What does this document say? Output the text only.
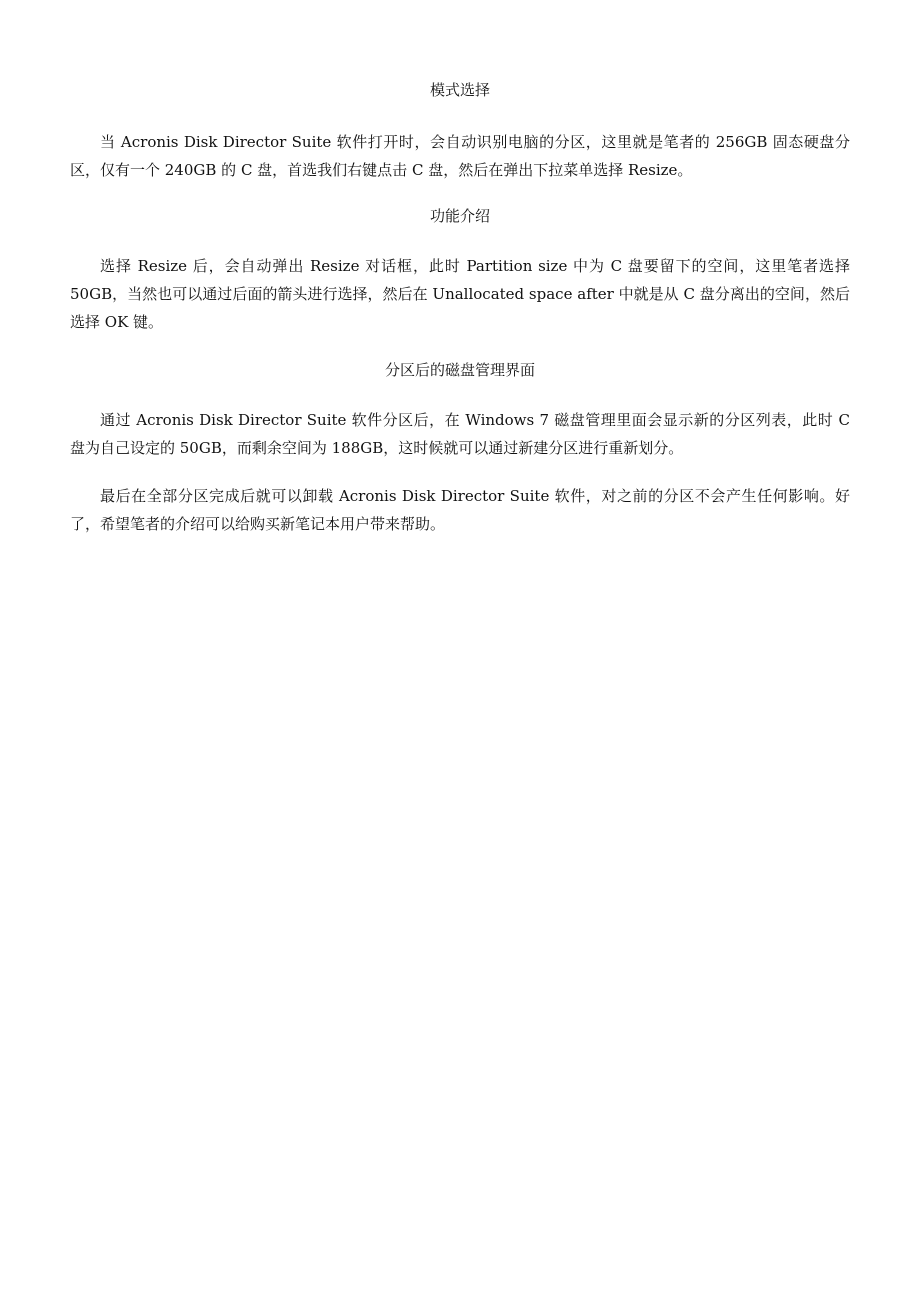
模式选择

当 Acronis Disk Director Suite 软件打开时，会自动识别电脑的分区，这里就是笔者的 256GB 固态硬盘分区，仅有一个 240GB 的 C 盘，首选我们右键点击 C 盘，然后在弹出下拉菜单选择 Resize。

功能介绍

选择 Resize 后，会自动弹出 Resize 对话框，此时 Partition size 中为 C 盘要留下的空间，这里笔者选择 50GB，当然也可以通过后面的箭头进行选择，然后在 Unallocated space after 中就是从 C 盘分离出的空间，然后选择 OK 键。

分区后的磁盘管理界面

通过 Acronis Disk Director Suite 软件分区后，在 Windows 7 磁盘管理里面会显示新的分区列表，此时 C 盘为自己设定的 50GB，而剩余空间为 188GB，这时候就可以通过新建分区进行重新划分。

最后在全部分区完成后就可以卸载 Acronis Disk Director Suite 软件，对之前的分区不会产生任何影响。好了，希望笔者的介绍可以给购买新笔记本用户带来帮助。
